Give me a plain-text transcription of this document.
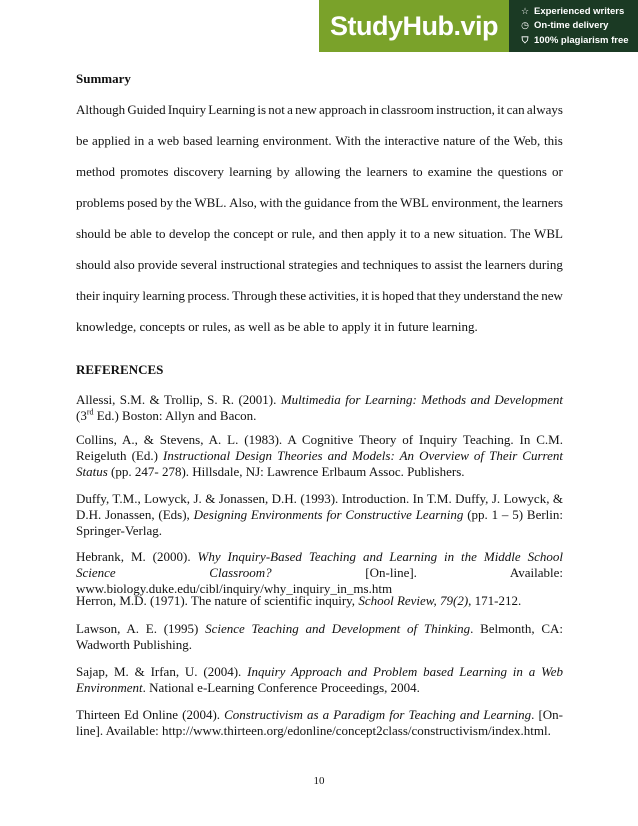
StudyHub.vip	☆ Experienced writers
◷ On-time delivery
⛉ 100% plagiarism free
Summary
Although Guided Inquiry Learning is not a new approach in classroom instruction, it can always
be applied in a web based learning environment. With the interactive nature of the Web, this
method promotes discovery learning by allowing the learners to examine the questions or
problems posed by the WBL. Also, with the guidance from the WBL environment, the learners
should be able to develop the concept or rule, and then apply it to a new situation. The WBL
should also provide several instructional strategies and techniques to assist the learners during
their inquiry learning process. Through these activities, it is hoped that they understand the new
knowledge, concepts or rules, as well as be able to apply it in future learning.
REFERENCES
Allessi, S.M. & Trollip, S. R. (2001). Multimedia for Learning: Methods and Development (3rd Ed.) Boston: Allyn and Bacon.
Collins, A., & Stevens, A. L. (1983). A Cognitive Theory of Inquiry Teaching. In C.M. Reigeluth (Ed.) Instructional Design Theories and Models: An Overview of Their Current Status (pp. 247- 278). Hillsdale, NJ: Lawrence Erlbaum Assoc. Publishers.
Duffy, T.M., Lowyck, J. & Jonassen, D.H. (1993). Introduction. In T.M. Duffy, J. Lowyck, & D.H. Jonassen, (Eds), Designing Environments for Constructive Learning (pp. 1 – 5) Berlin: Springer-Verlag.
Hebrank, M. (2000). Why Inquiry-Based Teaching and Learning in the Middle School Science Classroom? [On-line]. Available: www.biology.duke.edu/cibl/inquiry/why_inquiry_in_ms.htm
Herron, M.D. (1971). The nature of scientific inquiry, School Review, 79(2), 171-212.
Lawson, A. E. (1995) Science Teaching and Development of Thinking. Belmonth, CA: Wadworth Publishing.
Sajap, M. & Irfan, U. (2004). Inquiry Approach and Problem based Learning in a Web Environment. National e-Learning Conference Proceedings, 2004.
Thirteen Ed Online (2004). Constructivism as a Paradigm for Teaching and Learning. [On-line]. Available: http://www.thirteen.org/edonline/concept2class/constructivism/index.html.
10
